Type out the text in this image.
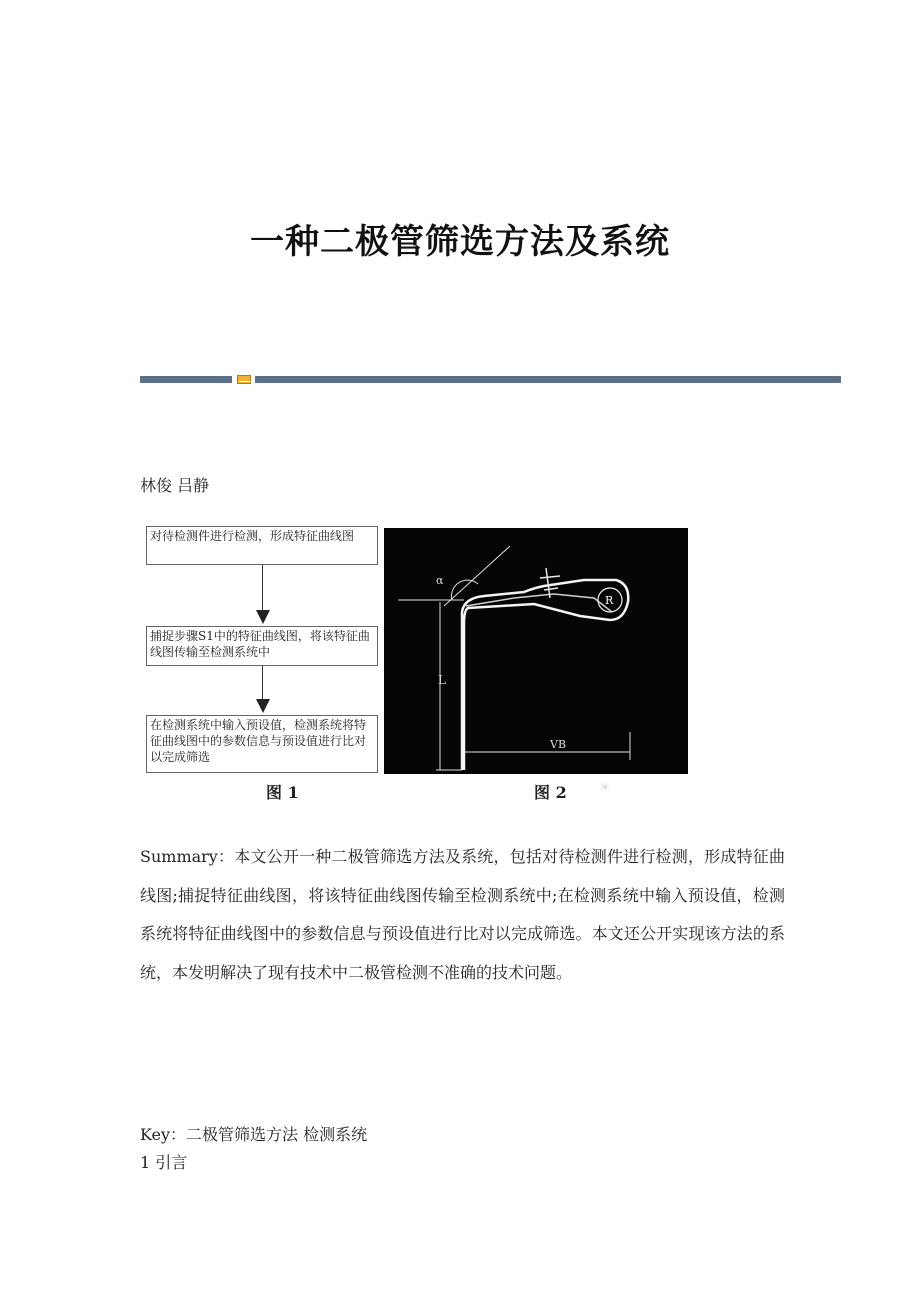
一种二极管筛选方法及系统
林俊 吕静
对待检测件进行检测，形成特征曲线图
捕捉步骤S1中的特征曲线图，将该特征曲线图传输至检测系统中
在检测系统中输入预设值，检测系统将特征曲线图中的参数信息与预设值进行比对以完成筛选
α
R
L
VB
图 1	图 2	✳
Summary：本文公开一种二极管筛选方法及系统，包括对待检测件进行检测，形成特征曲线图;捕捉特征曲线图，将该特征曲线图传输至检测系统中;在检测系统中输入预设值，检测系统将特征曲线图中的参数信息与预设值进行比对以完成筛选。本文还公开实现该方法的系统，本发明解决了现有技术中二极管检测不准确的技术问题。
Key：二极管筛选方法 检测系统
1 引言
